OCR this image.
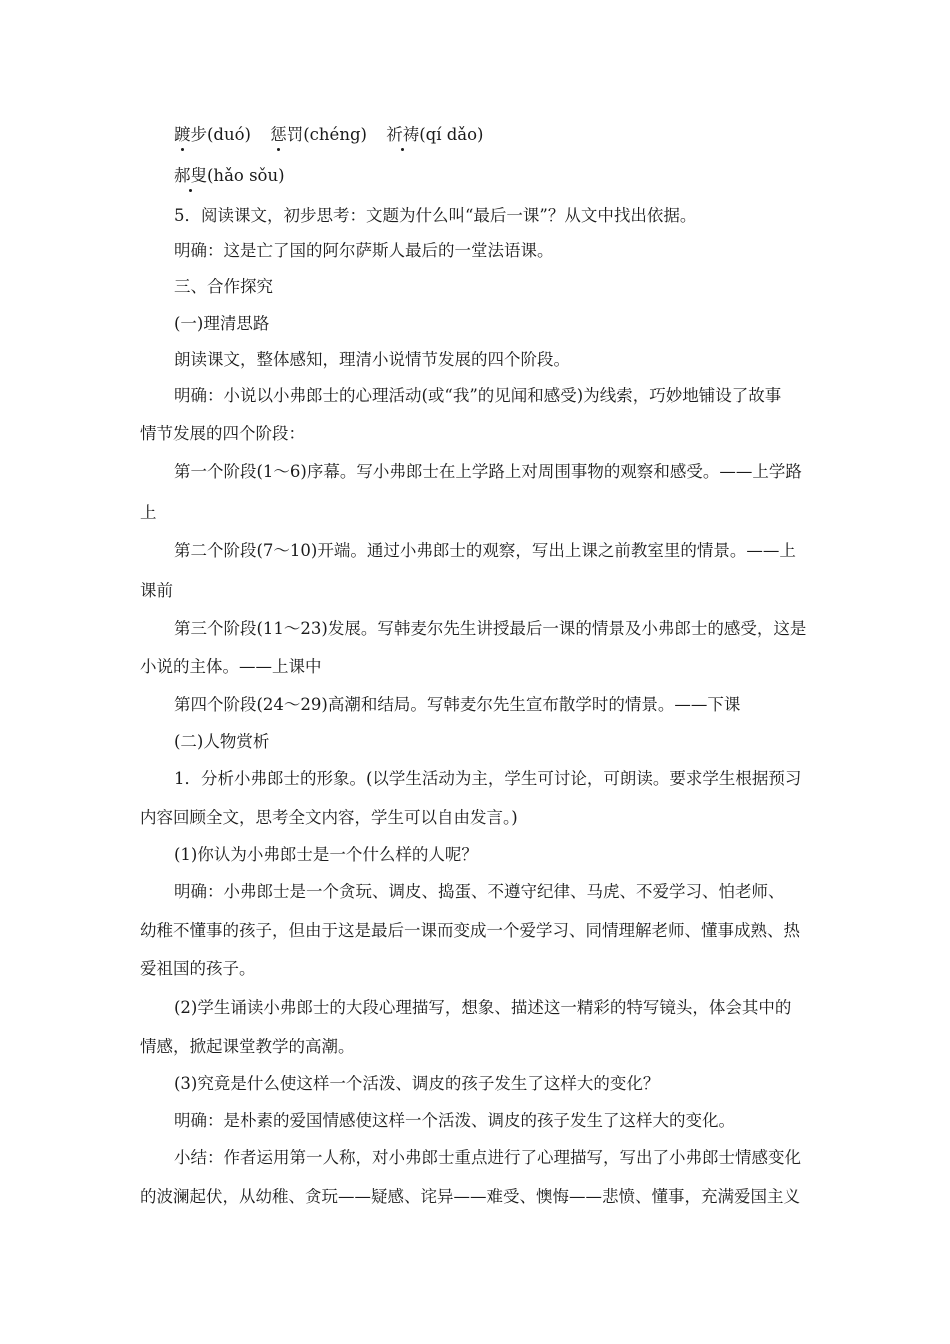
踱步(duó) 惩罚(chéng) 祈祷(qí dǎo)
郝叟(hǎo sǒu)
5．阅读课文，初步思考：文题为什么叫“最后一课”？从文中找出依据。
明确：这是亡了国的阿尔萨斯人最后的一堂法语课。
三、合作探究
(一)理清思路
朗读课文，整体感知，理清小说情节发展的四个阶段。
明确：小说以小弗郎士的心理活动(或“我”的见闻和感受)为线索，巧妙地铺设了故事
情节发展的四个阶段：
第一个阶段(1～6)序幕。写小弗郎士在上学路上对周围事物的观察和感受。——上学路
上
第二个阶段(7～10)开端。通过小弗郎士的观察，写出上课之前教室里的情景。——上
课前
第三个阶段(11～23)发展。写韩麦尔先生讲授最后一课的情景及小弗郎士的感受，这是
小说的主体。——上课中
第四个阶段(24～29)高潮和结局。写韩麦尔先生宣布散学时的情景。——下课
(二)人物赏析
1．分析小弗郎士的形象。(以学生活动为主，学生可讨论，可朗读。要求学生根据预习
内容回顾全文，思考全文内容，学生可以自由发言。)
(1)你认为小弗郎士是一个什么样的人呢？
明确：小弗郎士是一个贪玩、调皮、捣蛋、不遵守纪律、马虎、不爱学习、怕老师、
幼稚不懂事的孩子，但由于这是最后一课而变成一个爱学习、同情理解老师、懂事成熟、热
爱祖国的孩子。
(2)学生诵读小弗郎士的大段心理描写，想象、描述这一精彩的特写镜头，体会其中的
情感，掀起课堂教学的高潮。
(3)究竟是什么使这样一个活泼、调皮的孩子发生了这样大的变化？
明确：是朴素的爱国情感使这样一个活泼、调皮的孩子发生了这样大的变化。
小结：作者运用第一人称，对小弗郎士重点进行了心理描写，写出了小弗郎士情感变化
的波澜起伏，从幼稚、贪玩——疑感、诧异——难受、懊悔——悲愤、懂事，充满爱国主义
